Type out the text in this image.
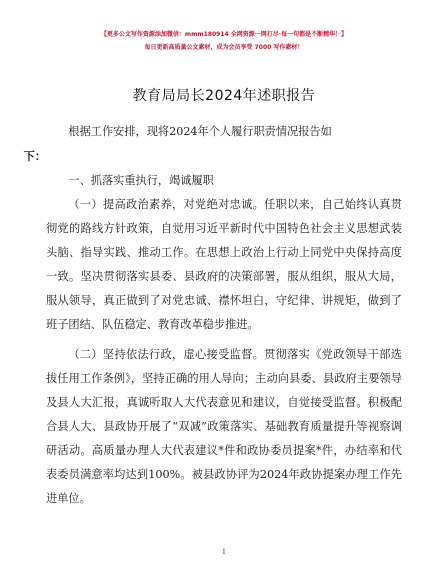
【更多公文写作资源添加微信：mmm180914 全网资源一网打尽·每一句都是不断精华！】
每日更新高质量公文素材，成为会员享受 7000 写作素材！
教育局局长2024年述职报告

根据工作安排，现将2024年个人履行职责情况报告如
下：

一、抓落实重执行，竭诚履职

（一）提高政治素养，对党绝对忠诚。任职以来，自己始终认真贯彻党的路线方针政策，自觉用习近平新时代中国特色社会主义思想武装头脑、指导实践、推动工作。在思想上政治上行动上同党中央保持高度一致。坚决贯彻落实县委、县政府的决策部署，服从组织，服从大局，服从领导，真正做到了对党忠诚、襟怀坦白，守纪律、讲规矩，做到了班子团结、队伍稳定、教育改革稳步推进。

（二）坚持依法行政，虚心接受监督。贯彻落实《党政领导干部选拔任用工作条例》，坚持正确的用人导向；主动向县委、县政府主要领导及县人大汇报，真诚听取人大代表意见和建议，自觉接受监督。积极配合县人大、县政协开展了“双减”政策落实、基础教育质量提升等视察调研活动。高质量办理人大代表建议*件和政协委员提案*件，办结率和代表委员满意率均达到100%。被县政协评为2024年政协提案办理工作先进单位。

1
